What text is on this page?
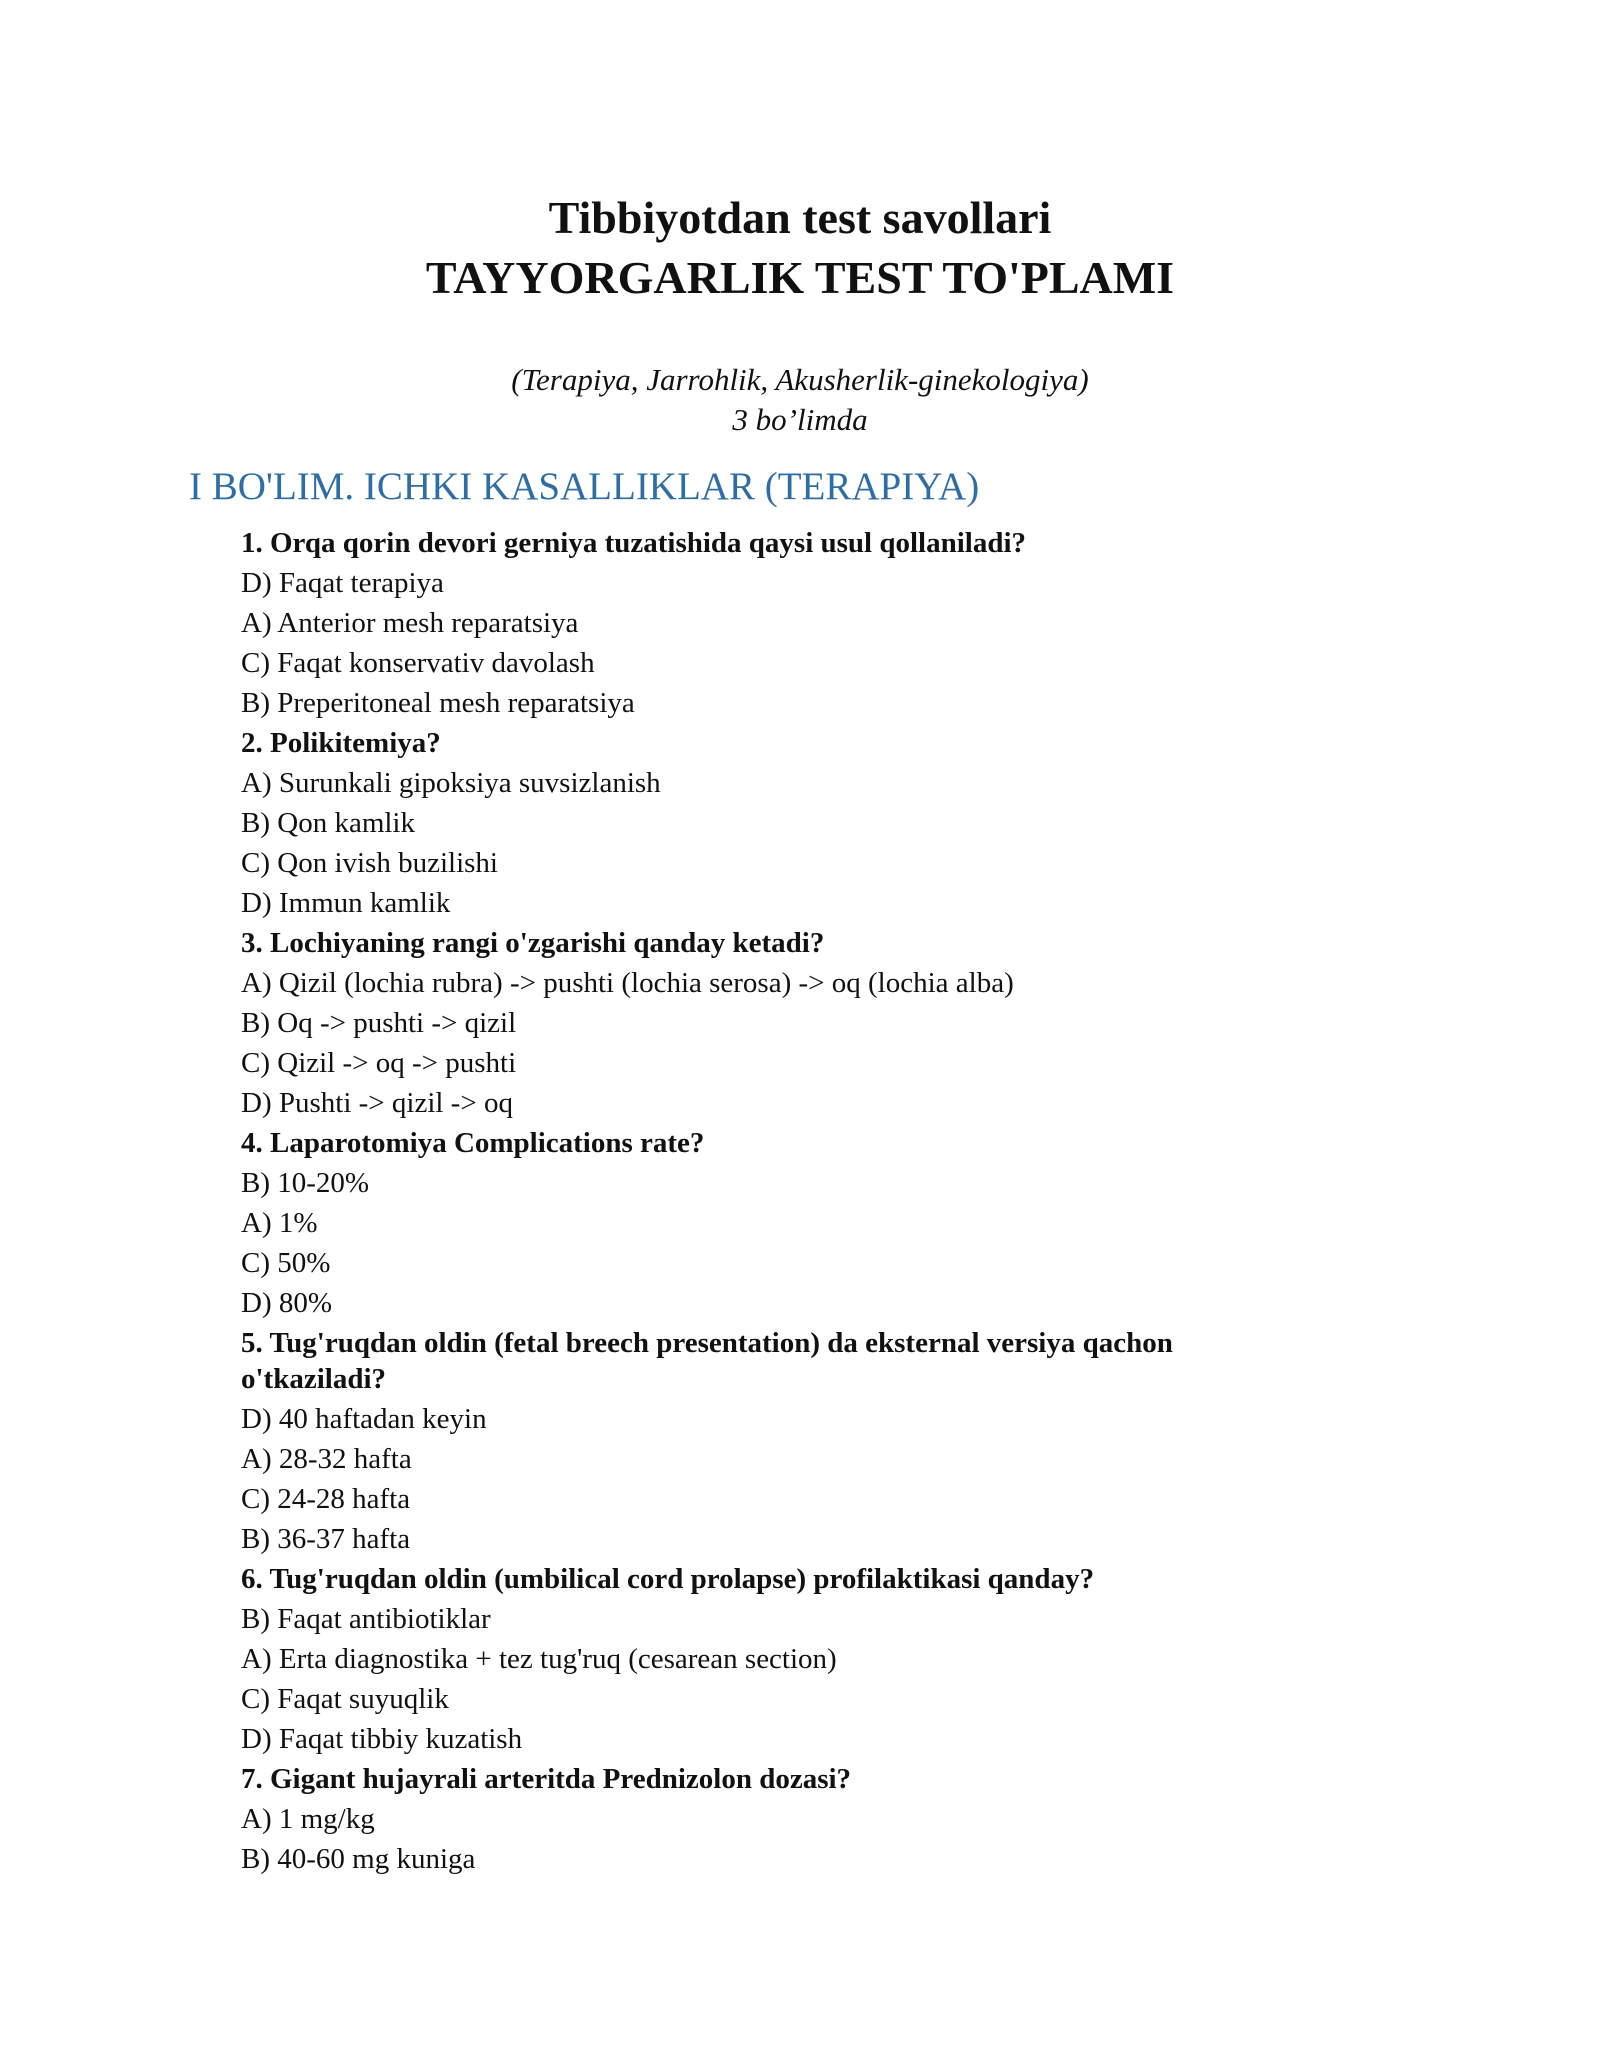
Tibbiyotdan test savollari

TAYYORGARLIK TEST TO'PLAMI

(Terapiya, Jarrohlik, Akusherlik-ginekologiya)
3 bo’limda
I BO'LIM. ICHKI KASALLIKLAR (TERAPIYA)

1. Orqa qorin devori gerniya tuzatishida qaysi usul qollaniladi?

D) Faqat terapiya

A) Anterior mesh reparatsiya

C) Faqat konservativ davolash

B) Preperitoneal mesh reparatsiya

2. Polikitemiya?

A) Surunkali gipoksiya suvsizlanish

B) Qon kamlik

C) Qon ivish buzilishi

D) Immun kamlik

3. Lochiyaning rangi o'zgarishi qanday ketadi?

A) Qizil (lochia rubra) -> pushti (lochia serosa) -> oq (lochia alba)

B) Oq -> pushti -> qizil

C) Qizil -> oq -> pushti

D) Pushti -> qizil -> oq

4. Laparotomiya Complications rate?

B) 10-20%

A) 1%

C) 50%

D) 80%

5. Tug'ruqdan oldin (fetal breech presentation) da eksternal versiya qachon o'tkaziladi?

D) 40 haftadan keyin

A) 28-32 hafta

C) 24-28 hafta

B) 36-37 hafta

6. Tug'ruqdan oldin (umbilical cord prolapse) profilaktikasi qanday?

B) Faqat antibiotiklar

A) Erta diagnostika + tez tug'ruq (cesarean section)

C) Faqat suyuqlik

D) Faqat tibbiy kuzatish

7. Gigant hujayrali arteritda Prednizolon dozasi?

A) 1 mg/kg

B) 40-60 mg kuniga
